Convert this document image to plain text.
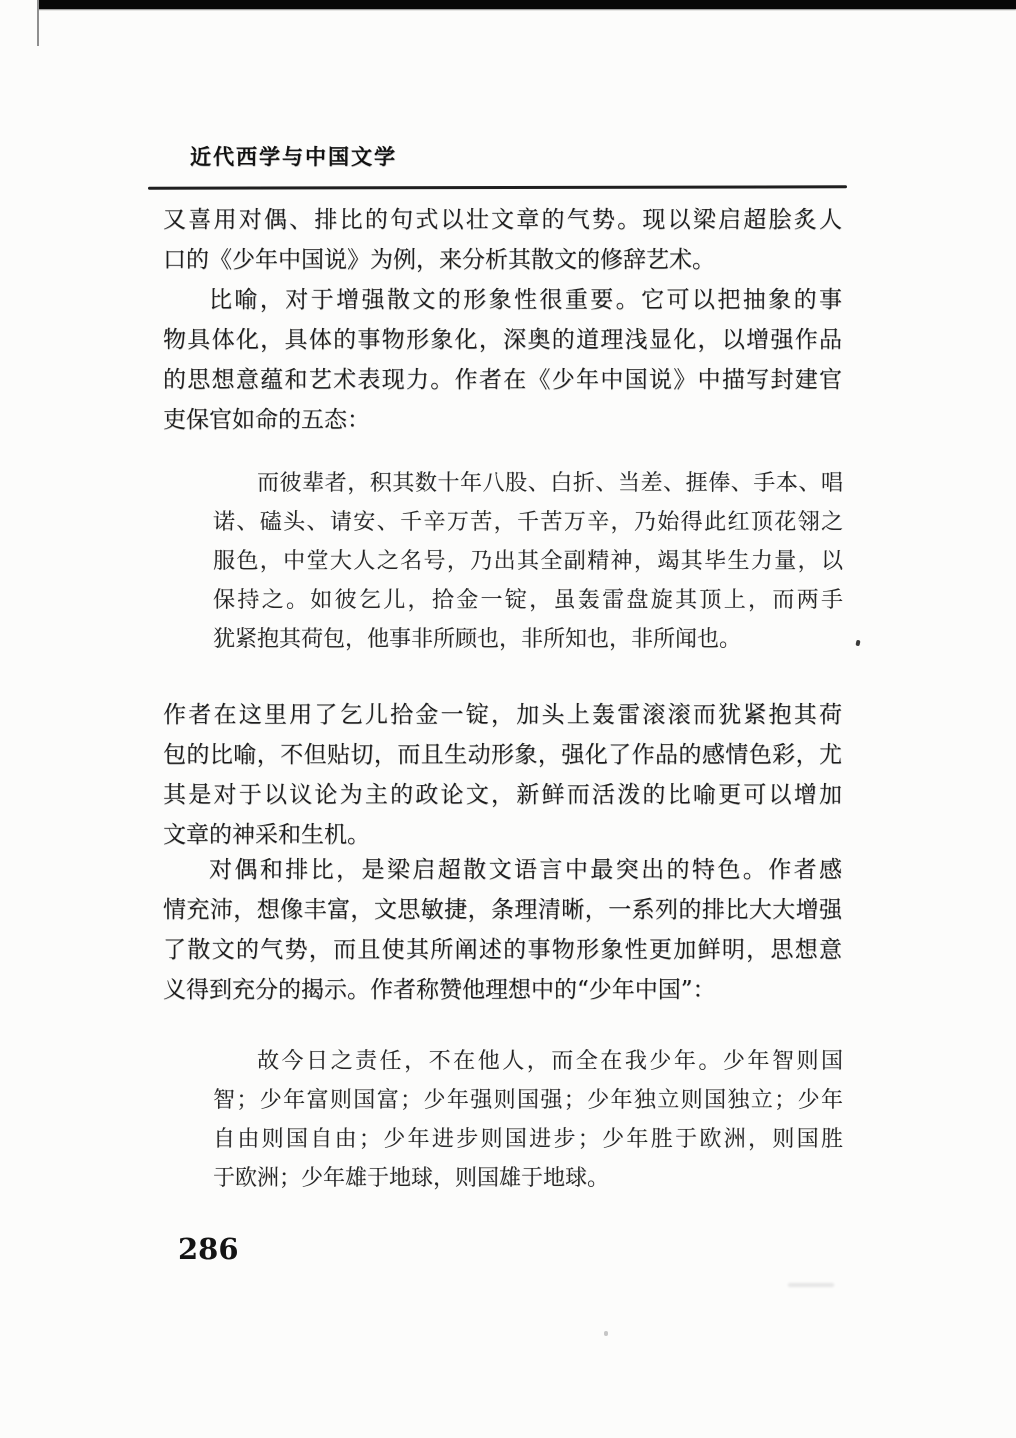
近代西学与中国文学
又喜用对偶、排比的句式以壮文章的气势。现以梁启超脍炙人
口的《少年中国说》为例，来分析其散文的修辞艺术。
比喻，对于增强散文的形象性很重要。它可以把抽象的事
物具体化，具体的事物形象化，深奥的道理浅显化，以增强作品
的思想意蕴和艺术表现力。作者在《少年中国说》中描写封建官
吏保官如命的五态：
而彼辈者，积其数十年八股、白折、当差、捱俸、手本、唱
诺、磕头、请安、千辛万苦，千苦万辛，乃始得此红顶花翎之
服色，中堂大人之名号，乃出其全副精神，竭其毕生力量，以
保持之。如彼乞儿，拾金一锭，虽轰雷盘旋其顶上，而两手
犹紧抱其荷包，他事非所顾也，非所知也，非所闻也。
作者在这里用了乞儿拾金一锭，加头上轰雷滚滚而犹紧抱其荷
包的比喻，不但贴切，而且生动形象，强化了作品的感情色彩，尤
其是对于以议论为主的政论文，新鲜而活泼的比喻更可以增加
文章的神采和生机。
对偶和排比，是梁启超散文语言中最突出的特色。作者感
情充沛，想像丰富，文思敏捷，条理清晰，一系列的排比大大增强
了散文的气势，而且使其所阐述的事物形象性更加鲜明，思想意
义得到充分的揭示。作者称赞他理想中的“少年中国”：
故今日之责任，不在他人，而全在我少年。少年智则国
智；少年富则国富；少年强则国强；少年独立则国独立；少年
自由则国自由；少年进步则国进步；少年胜于欧洲，则国胜
于欧洲；少年雄于地球，则国雄于地球。
286
